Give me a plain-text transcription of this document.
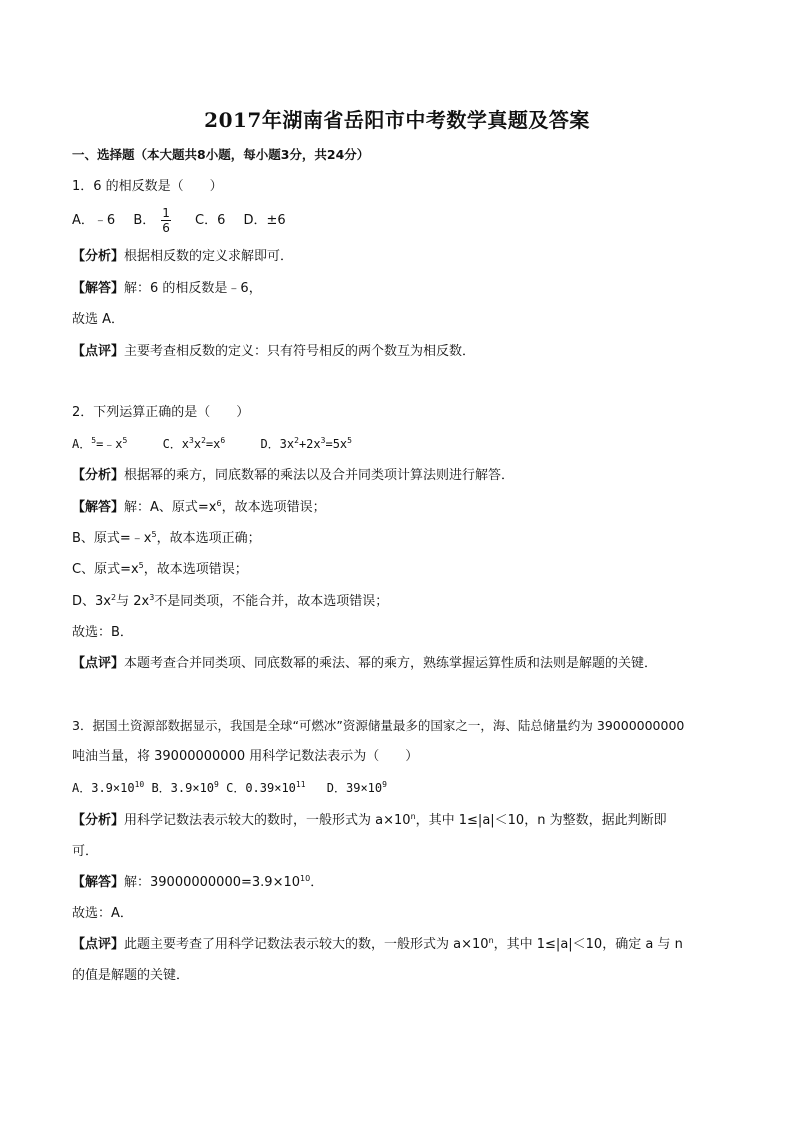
2017年湖南省岳阳市中考数学真题及答案
一、选择题（本大题共8小题，每小题3分，共24分）
1．6 的相反数是（　　）
A．﹣6 B． $\frac{1}{6}$ C．6 D．±6
【分析】根据相反数的定义求解即可．
【解答】解：6 的相反数是﹣6，
故选 A．
【点评】主要考查相反数的定义：只有符号相反的两个数互为相反数．
2．下列运算正确的是（　　）
A．$^5=﹣x^5$	C．$x^3x^2=x^6$	D．$3x^2+2x^3=5x^5$
【分析】根据幂的乘方，同底数幂的乘法以及合并同类项计算法则进行解答．
【解答】解：A、原式$=x^6$，故本选项错误；
B、原式$=﹣x^5$，故本选项正确；
C、原式$=x^5$，故本选项错误；
D、$3x^2$与 $2x^3$不是同类项，不能合并，故本选项错误；
故选：B．
【点评】本题考查合并同类项、同底数幂的乘法、幂的乘方，熟练掌握运算性质和法则是解题的关键．
3．据国土资源部数据显示，我国是全球“可燃冰”资源储量最多的国家之一，海、陆总储量约为 39000000000
吨油当量，将 39000000000 用科学记数法表示为（　　）
A．$3.9\times 10^{10}$ B．$3.9\times 10^9$ C．$0.39\times 10^{11}$ D．$39\times 10^9$
【分析】用科学记数法表示较大的数时，一般形式为 $a\times 10^n$，其中 1≤|a|＜10，n 为整数，据此判断即
可．
【解答】解：$39000000000=3.9\times 10^{10}$．
故选：A．
【点评】此题主要考查了用科学记数法表示较大的数，一般形式为 $a\times 10^n$，其中 1≤|a|＜10，确定 a 与 n
的值是解题的关键．
